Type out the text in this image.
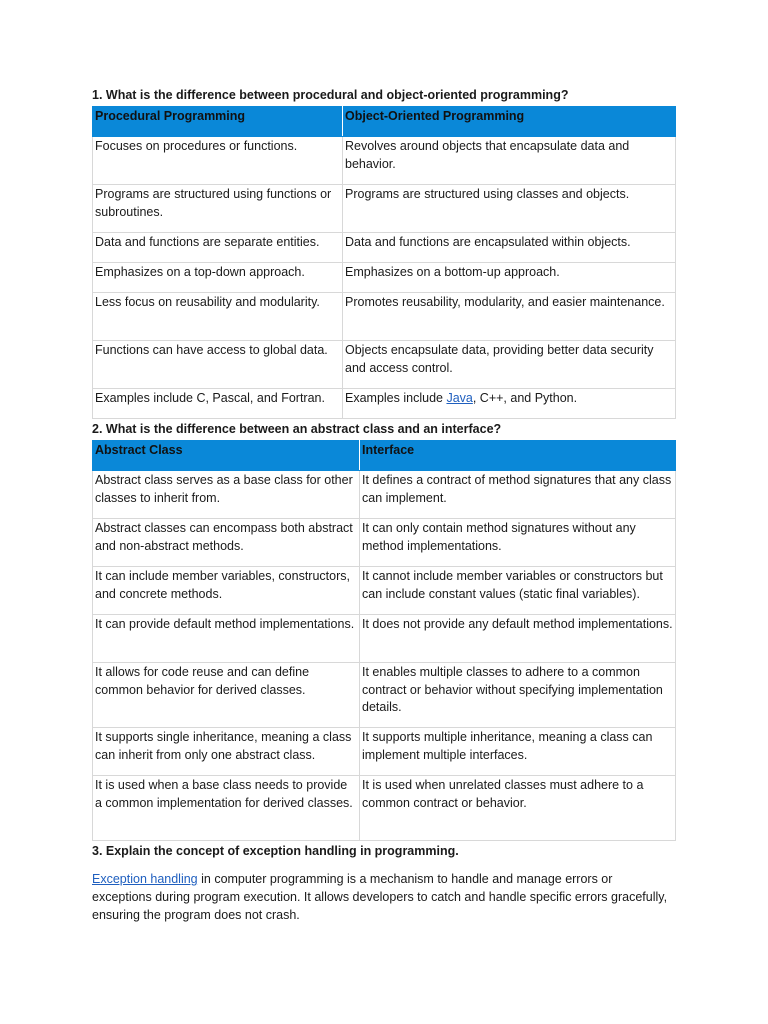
1. What is the difference between procedural and object-oriented programming?

Procedural Programming	Object-Oriented Programming
Focuses on procedures or functions.	Revolves around objects that encapsulate data and behavior.
Programs are structured using functions or subroutines.	Programs are structured using classes and objects.
Data and functions are separate entities.	Data and functions are encapsulated within objects.
Emphasizes on a top-down approach.	Emphasizes on a bottom-up approach.
Less focus on reusability and modularity.	Promotes reusability, modularity, and easier maintenance.
Functions can have access to global data.	Objects encapsulate data, providing better data security and access control.
Examples include C, Pascal, and Fortran.	Examples include Java, C++, and Python.

2. What is the difference between an abstract class and an interface?

Abstract Class	Interface
Abstract class serves as a base class for other classes to inherit from.	It defines a contract of method signatures that any class can implement.
Abstract classes can encompass both abstract and non-abstract methods.	It can only contain method signatures without any method implementations.
It can include member variables, constructors, and concrete methods.	It cannot include member variables or constructors but can include constant values (static final variables).
It can provide default method implementations.	It does not provide any default method implementations.
It allows for code reuse and can define common behavior for derived classes.	It enables multiple classes to adhere to a common contract or behavior without specifying implementation details.
It supports single inheritance, meaning a class can inherit from only one abstract class.	It supports multiple inheritance, meaning a class can implement multiple interfaces.
It is used when a base class needs to provide a common implementation for derived classes.	It is used when unrelated classes must adhere to a common contract or behavior.

3. Explain the concept of exception handling in programming.

Exception handling in computer programming is a mechanism to handle and manage errors or exceptions during program execution. It allows developers to catch and handle specific errors gracefully, ensuring the program does not crash.
